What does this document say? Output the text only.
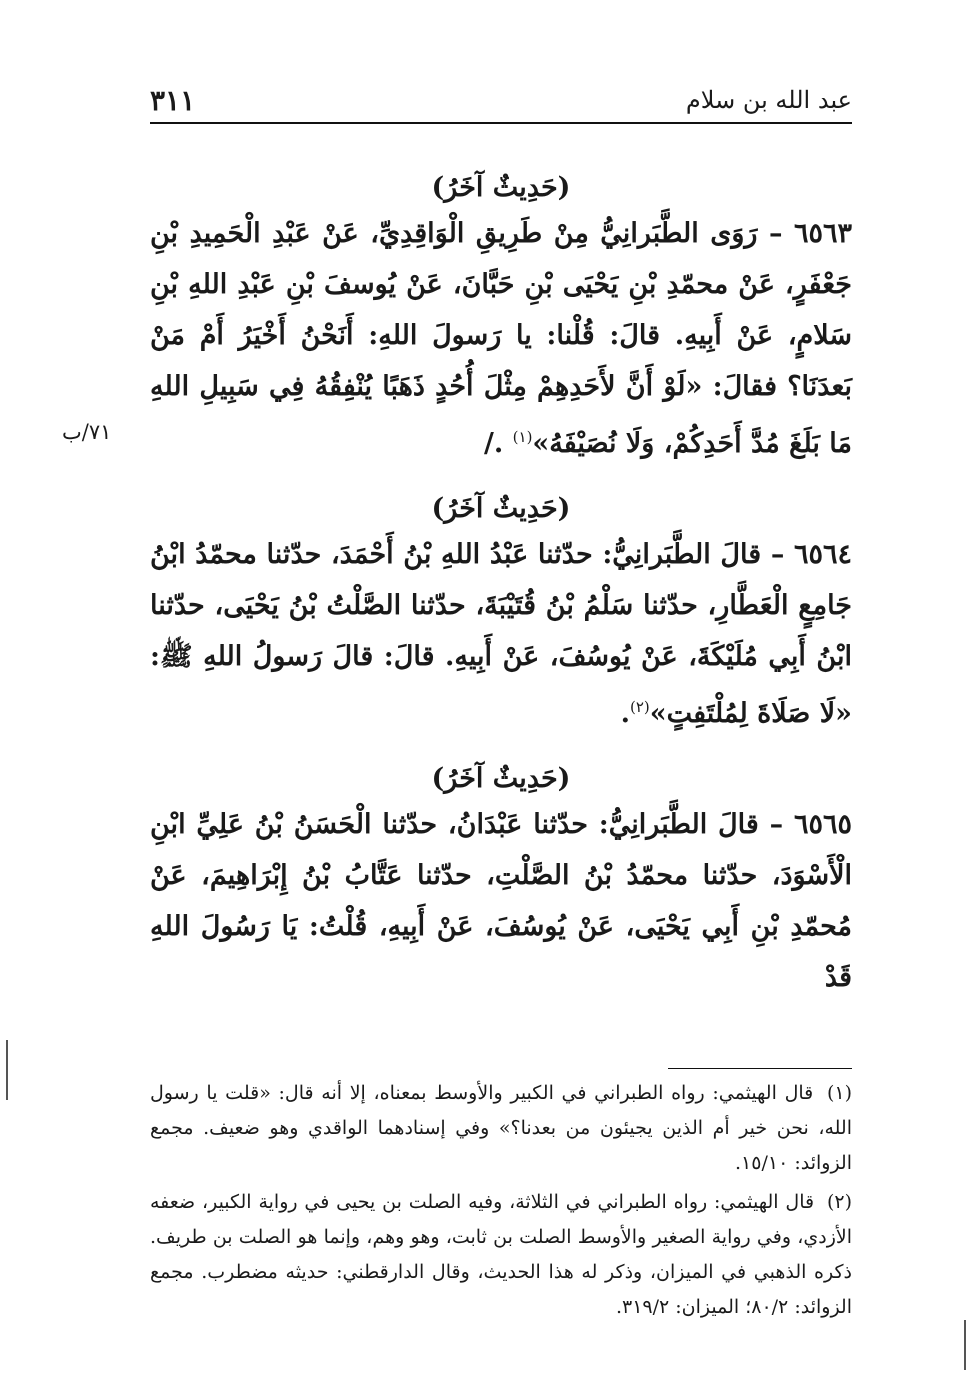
عبد الله بن سلام
٣١١
٧١/ب
(حَدِيثٌ آخَرُ)

٦٥٦٣ – رَوَى الطَّبَرانِيُّ مِنْ طَرِيقِ الْوَاقِدِيِّ، عَنْ عَبْدِ الْحَمِيدِ بْنِ جَعْفَرٍ، عَنْ محمّدِ بْنِ يَحْيَى بْنِ حَبَّانَ، عَنْ يُوسفَ بْنِ عَبْدِ اللهِ بْنِ سَلامٍ، عَنْ أَبِيهِ. قالَ: قُلْنا: يا رَسولَ اللهِ: أَنَحْنُ أَخْيَرُ أَمْ مَنْ بَعدَنَا؟ فقالَ: «لَوْ أَنَّ لأَحَدِهِمْ مِثْلَ أُحُدٍ ذَهَبًا يُنْفِقُهُ فِي سَبِيلِ اللهِ مَا بَلَغَ مُدَّ أَحَدِكُمْ، وَلَا نُصَيْفَهُ»$^{(١)}$ ./

(حَدِيثٌ آخَرُ)

٦٥٦٤ – قالَ الطَّبَرانِيُّ: حدّثنا عَبْدُ اللهِ بْنُ أَحْمَدَ، حدّثنا محمّدُ ابْنُ جَامِعٍ الْعَطَّارِ، حدّثنا سَلْمُ بْنُ قُتَيْبَةَ، حدّثنا الصَّلْتُ بْنُ يَحْيَى، حدّثنا ابْنُ أَبِي مُلَيْكَةَ، عَنْ يُوسُفَ، عَنْ أَبِيهِ. قالَ: قالَ رَسولُ اللهِ ﷺ: «لَا صَلَاةَ لِمُلْتَفِتٍ»$^{(٢)}$.

(حَدِيثٌ آخَرُ)

٦٥٦٥ – قالَ الطَّبَرانِيُّ: حدّثنا عَبْدَانُ، حدّثنا الْحَسَنُ بْنُ عَلِيِّ ابْنِ الْأَسْوَدَ، حدّثنا محمّدُ بْنُ الصَّلْتِ، حدّثنا عَتَّابُ بْنُ إِبْرَاهِيمَ، عَنْ مُحمّدِ بْنِ أَبِي يَحْيَى، عَنْ يُوسُفَ، عَنْ أَبِيهِ، قُلْتُ: يَا رَسُولَ اللهِ قَدْ

(١) قال الهيثمي: رواه الطبراني في الكبير والأوسط بمعناه، إلا أنه قال: «قلت يا رسول الله، نحن خير أم الذين يجيئون من بعدنا؟» وفي إسنادهما الواقدي وهو ضعيف. مجمع الزوائد: ١٥/١٠.

(٢) قال الهيثمي: رواه الطبراني في الثلاثة، وفيه الصلت بن يحيى في رواية الكبير، ضعفه الأزدي، وفي رواية الصغير والأوسط الصلت بن ثابت، وهو وهم، وإنما هو الصلت بن طريف. ذكره الذهبي في الميزان، وذكر له هذا الحديث، وقال الدارقطني: حديثه مضطرب. مجمع الزوائد: ٨٠/٢؛ الميزان: ٣١٩/٢.
